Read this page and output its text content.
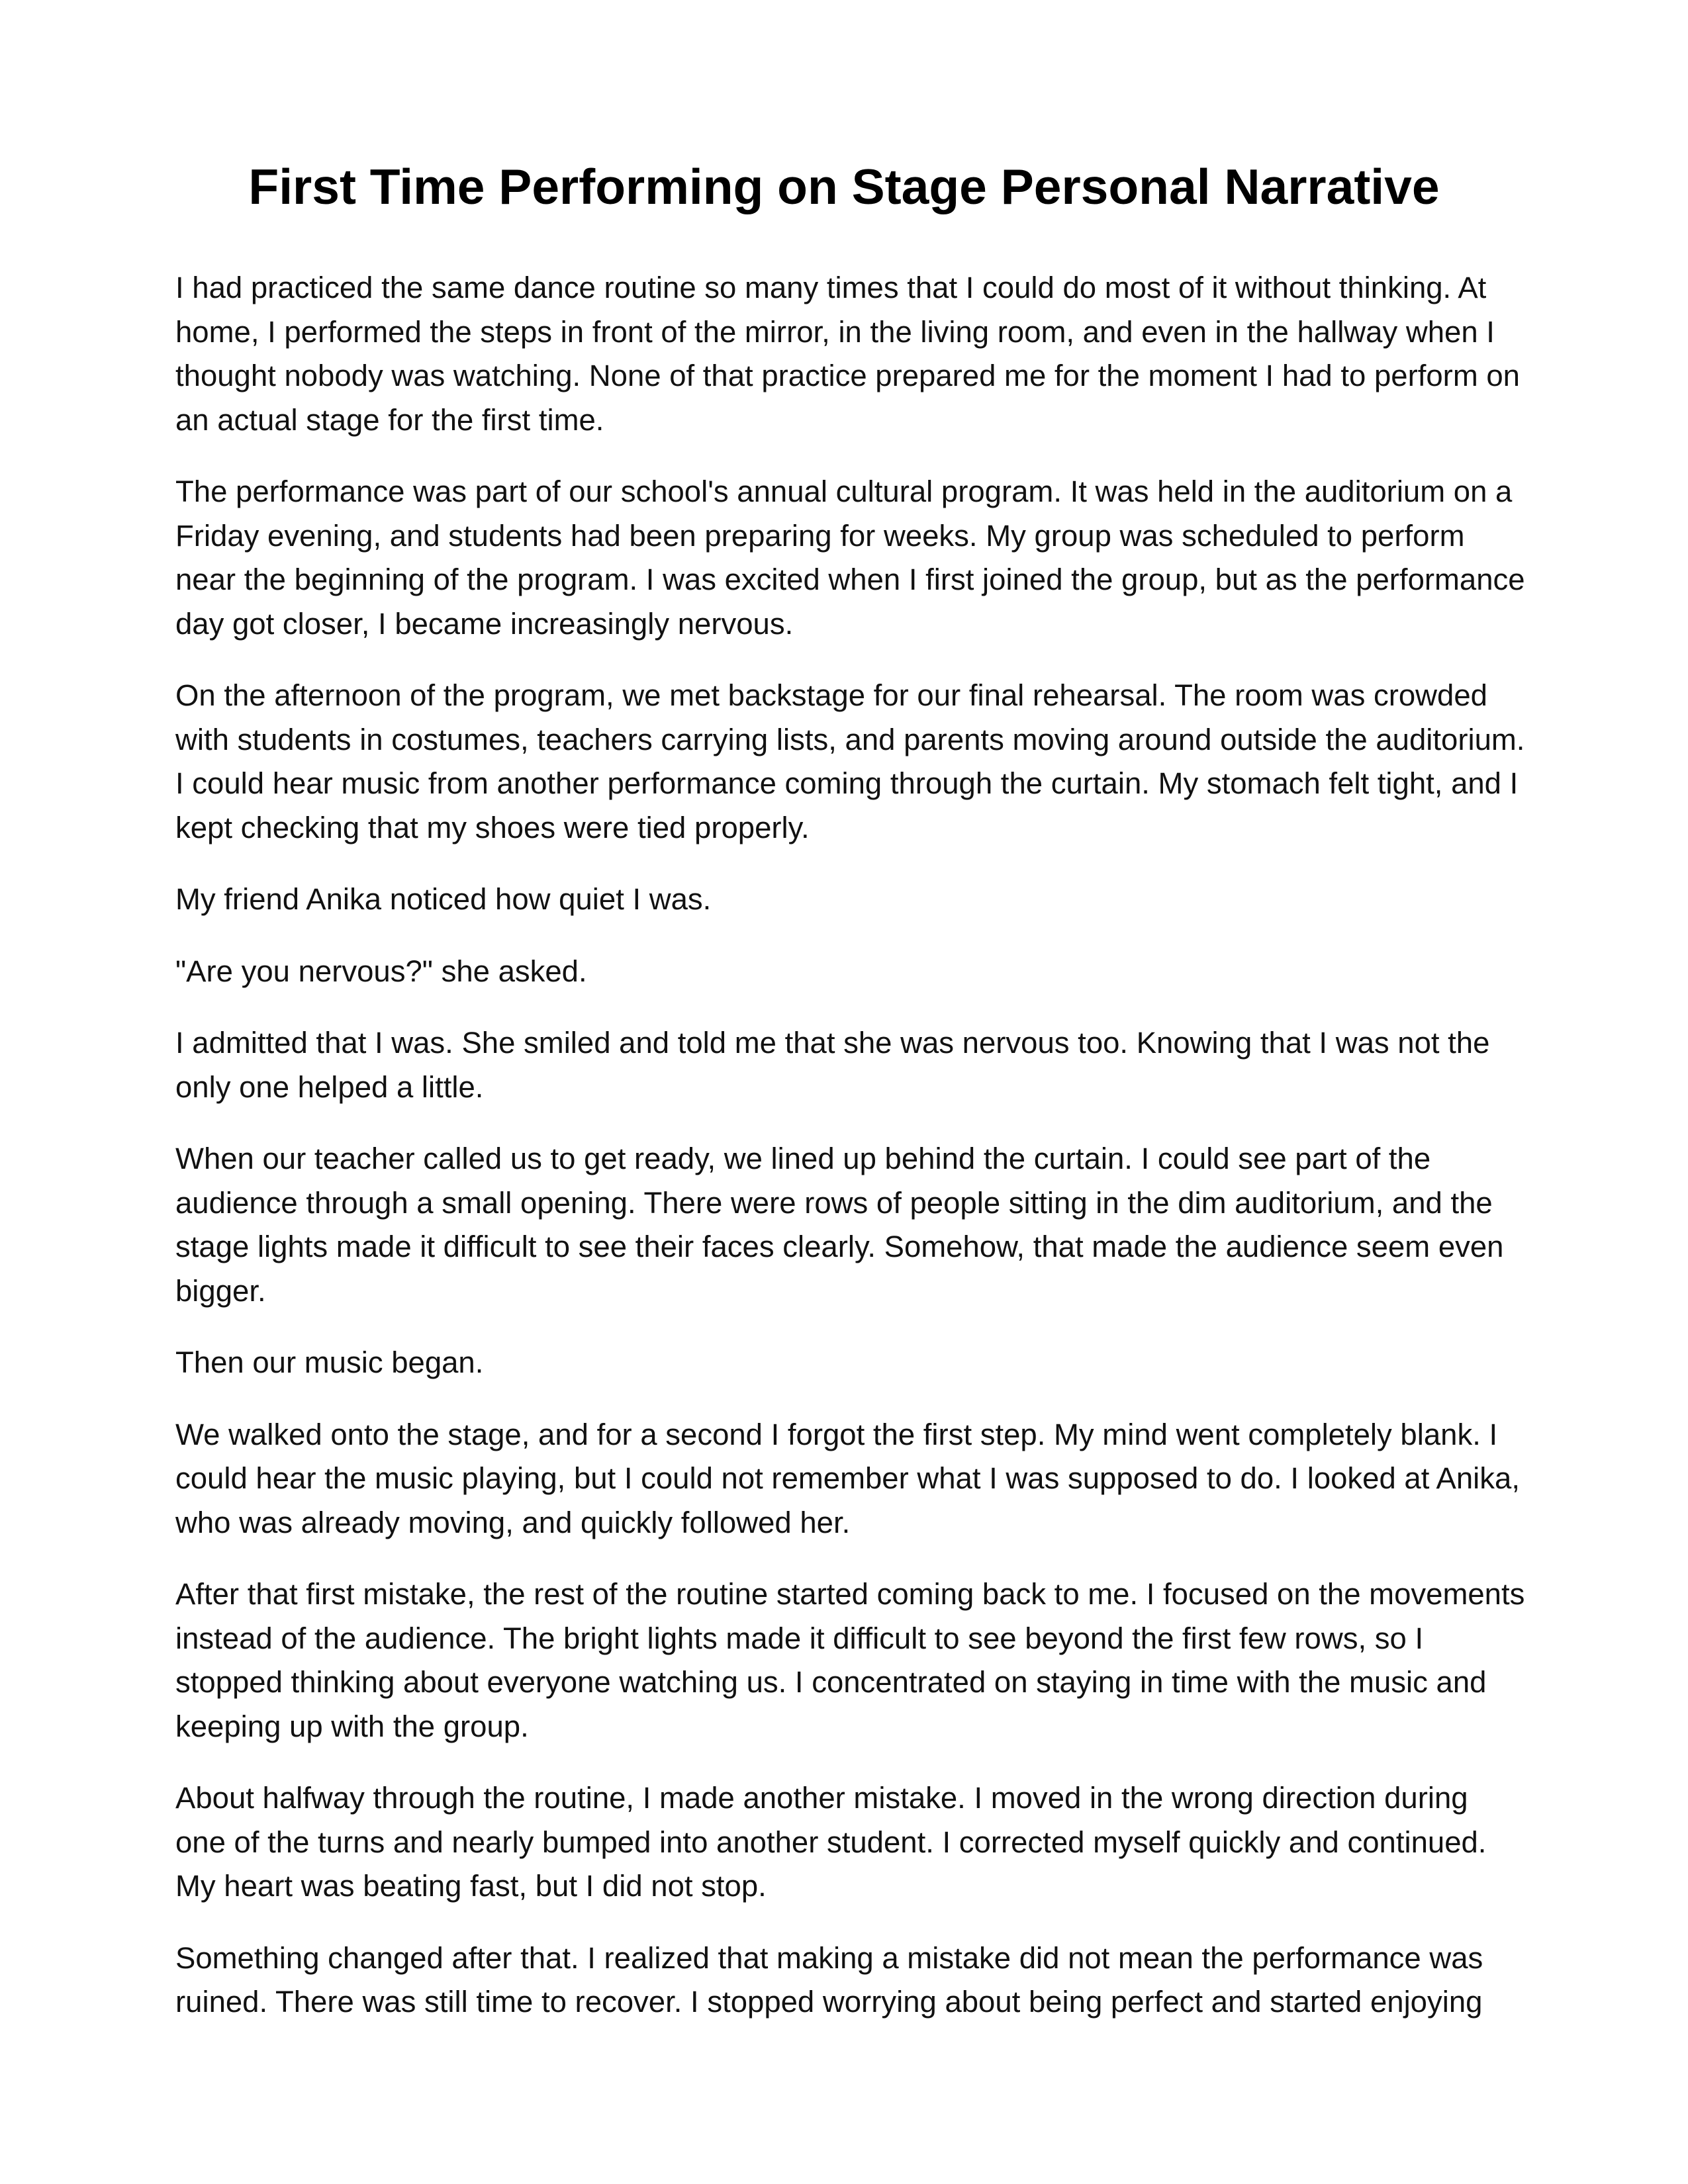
First Time Performing on Stage Personal Narrative

I had practiced the same dance routine so many times that I could do most of it without thinking. At home, I performed the steps in front of the mirror, in the living room, and even in the hallway when I thought nobody was watching. None of that practice prepared me for the moment I had to perform on an actual stage for the first time.

The performance was part of our school's annual cultural program. It was held in the auditorium on a Friday evening, and students had been preparing for weeks. My group was scheduled to perform near the beginning of the program. I was excited when I first joined the group, but as the performance day got closer, I became increasingly nervous.

On the afternoon of the program, we met backstage for our final rehearsal. The room was crowded with students in costumes, teachers carrying lists, and parents moving around outside the auditorium. I could hear music from another performance coming through the curtain. My stomach felt tight, and I kept checking that my shoes were tied properly.

My friend Anika noticed how quiet I was.

"Are you nervous?" she asked.

I admitted that I was. She smiled and told me that she was nervous too. Knowing that I was not the only one helped a little.

When our teacher called us to get ready, we lined up behind the curtain. I could see part of the audience through a small opening. There were rows of people sitting in the dim auditorium, and the stage lights made it difficult to see their faces clearly. Somehow, that made the audience seem even bigger.

Then our music began.

We walked onto the stage, and for a second I forgot the first step. My mind went completely blank. I could hear the music playing, but I could not remember what I was supposed to do. I looked at Anika, who was already moving, and quickly followed her.

After that first mistake, the rest of the routine started coming back to me. I focused on the movements instead of the audience. The bright lights made it difficult to see beyond the first few rows, so I stopped thinking about everyone watching us. I concentrated on staying in time with the music and keeping up with the group.

About halfway through the routine, I made another mistake. I moved in the wrong direction during one of the turns and nearly bumped into another student. I corrected myself quickly and continued. My heart was beating fast, but I did not stop.

Something changed after that. I realized that making a mistake did not mean the performance was ruined. There was still time to recover. I stopped worrying about being perfect and started enjoying
